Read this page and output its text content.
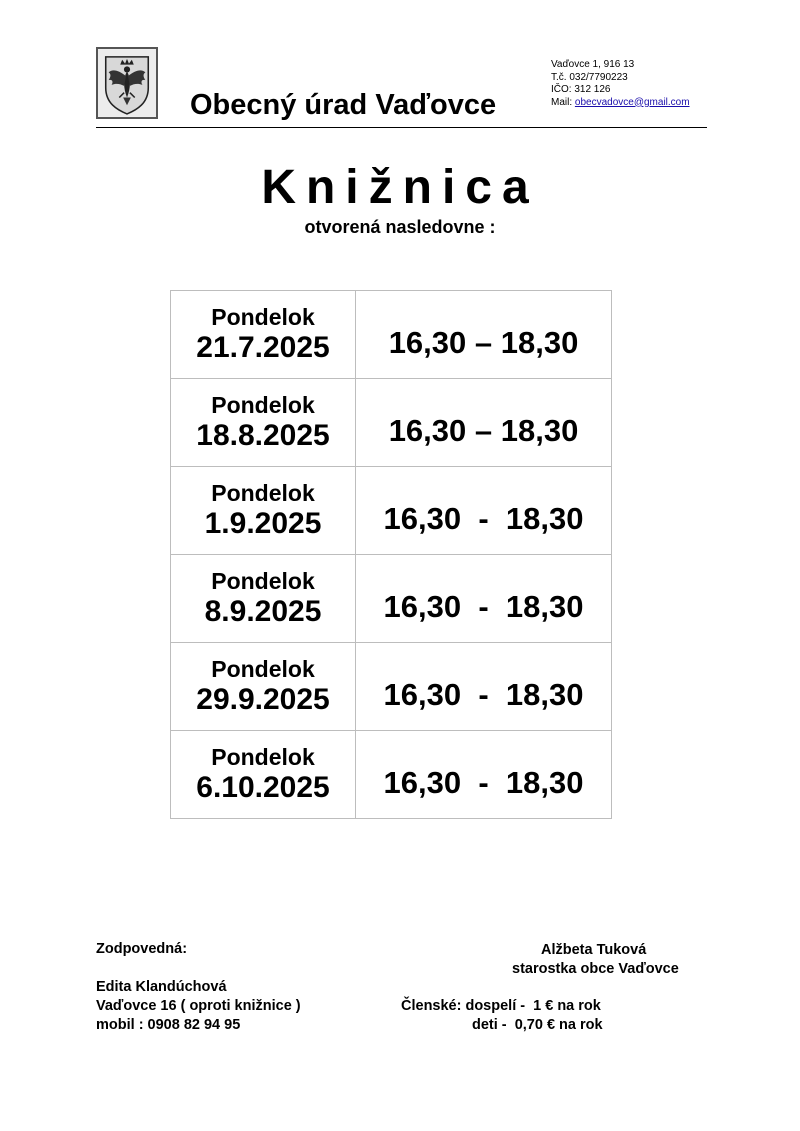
Obecný úrad Vaďovce
Vaďovce 1, 916 13
T.č. 032/7790223
IČO: 312 126
Mail: obecvadovce@gmail.com
Knižnica
otvorená nasledovne :
Pondelok
21.7.2025	16,30 – 18,30

Pondelok
18.8.2025	16,30 – 18,30

Pondelok
1.9.2025	16,30  -  18,30

Pondelok
8.9.2025	16,30  -  18,30

Pondelok
29.9.2025	16,30  -  18,30

Pondelok
6.10.2025	16,30  -  18,30
Zodpovedná:
Edita Klandúchová
Vaďovce 16 ( oproti knižnice )
mobil : 0908 82 94 95
Alžbeta Tuková
starostka obce Vaďovce
Členské: dospelí -  1 € na rok
deti -  0,70 € na rok
